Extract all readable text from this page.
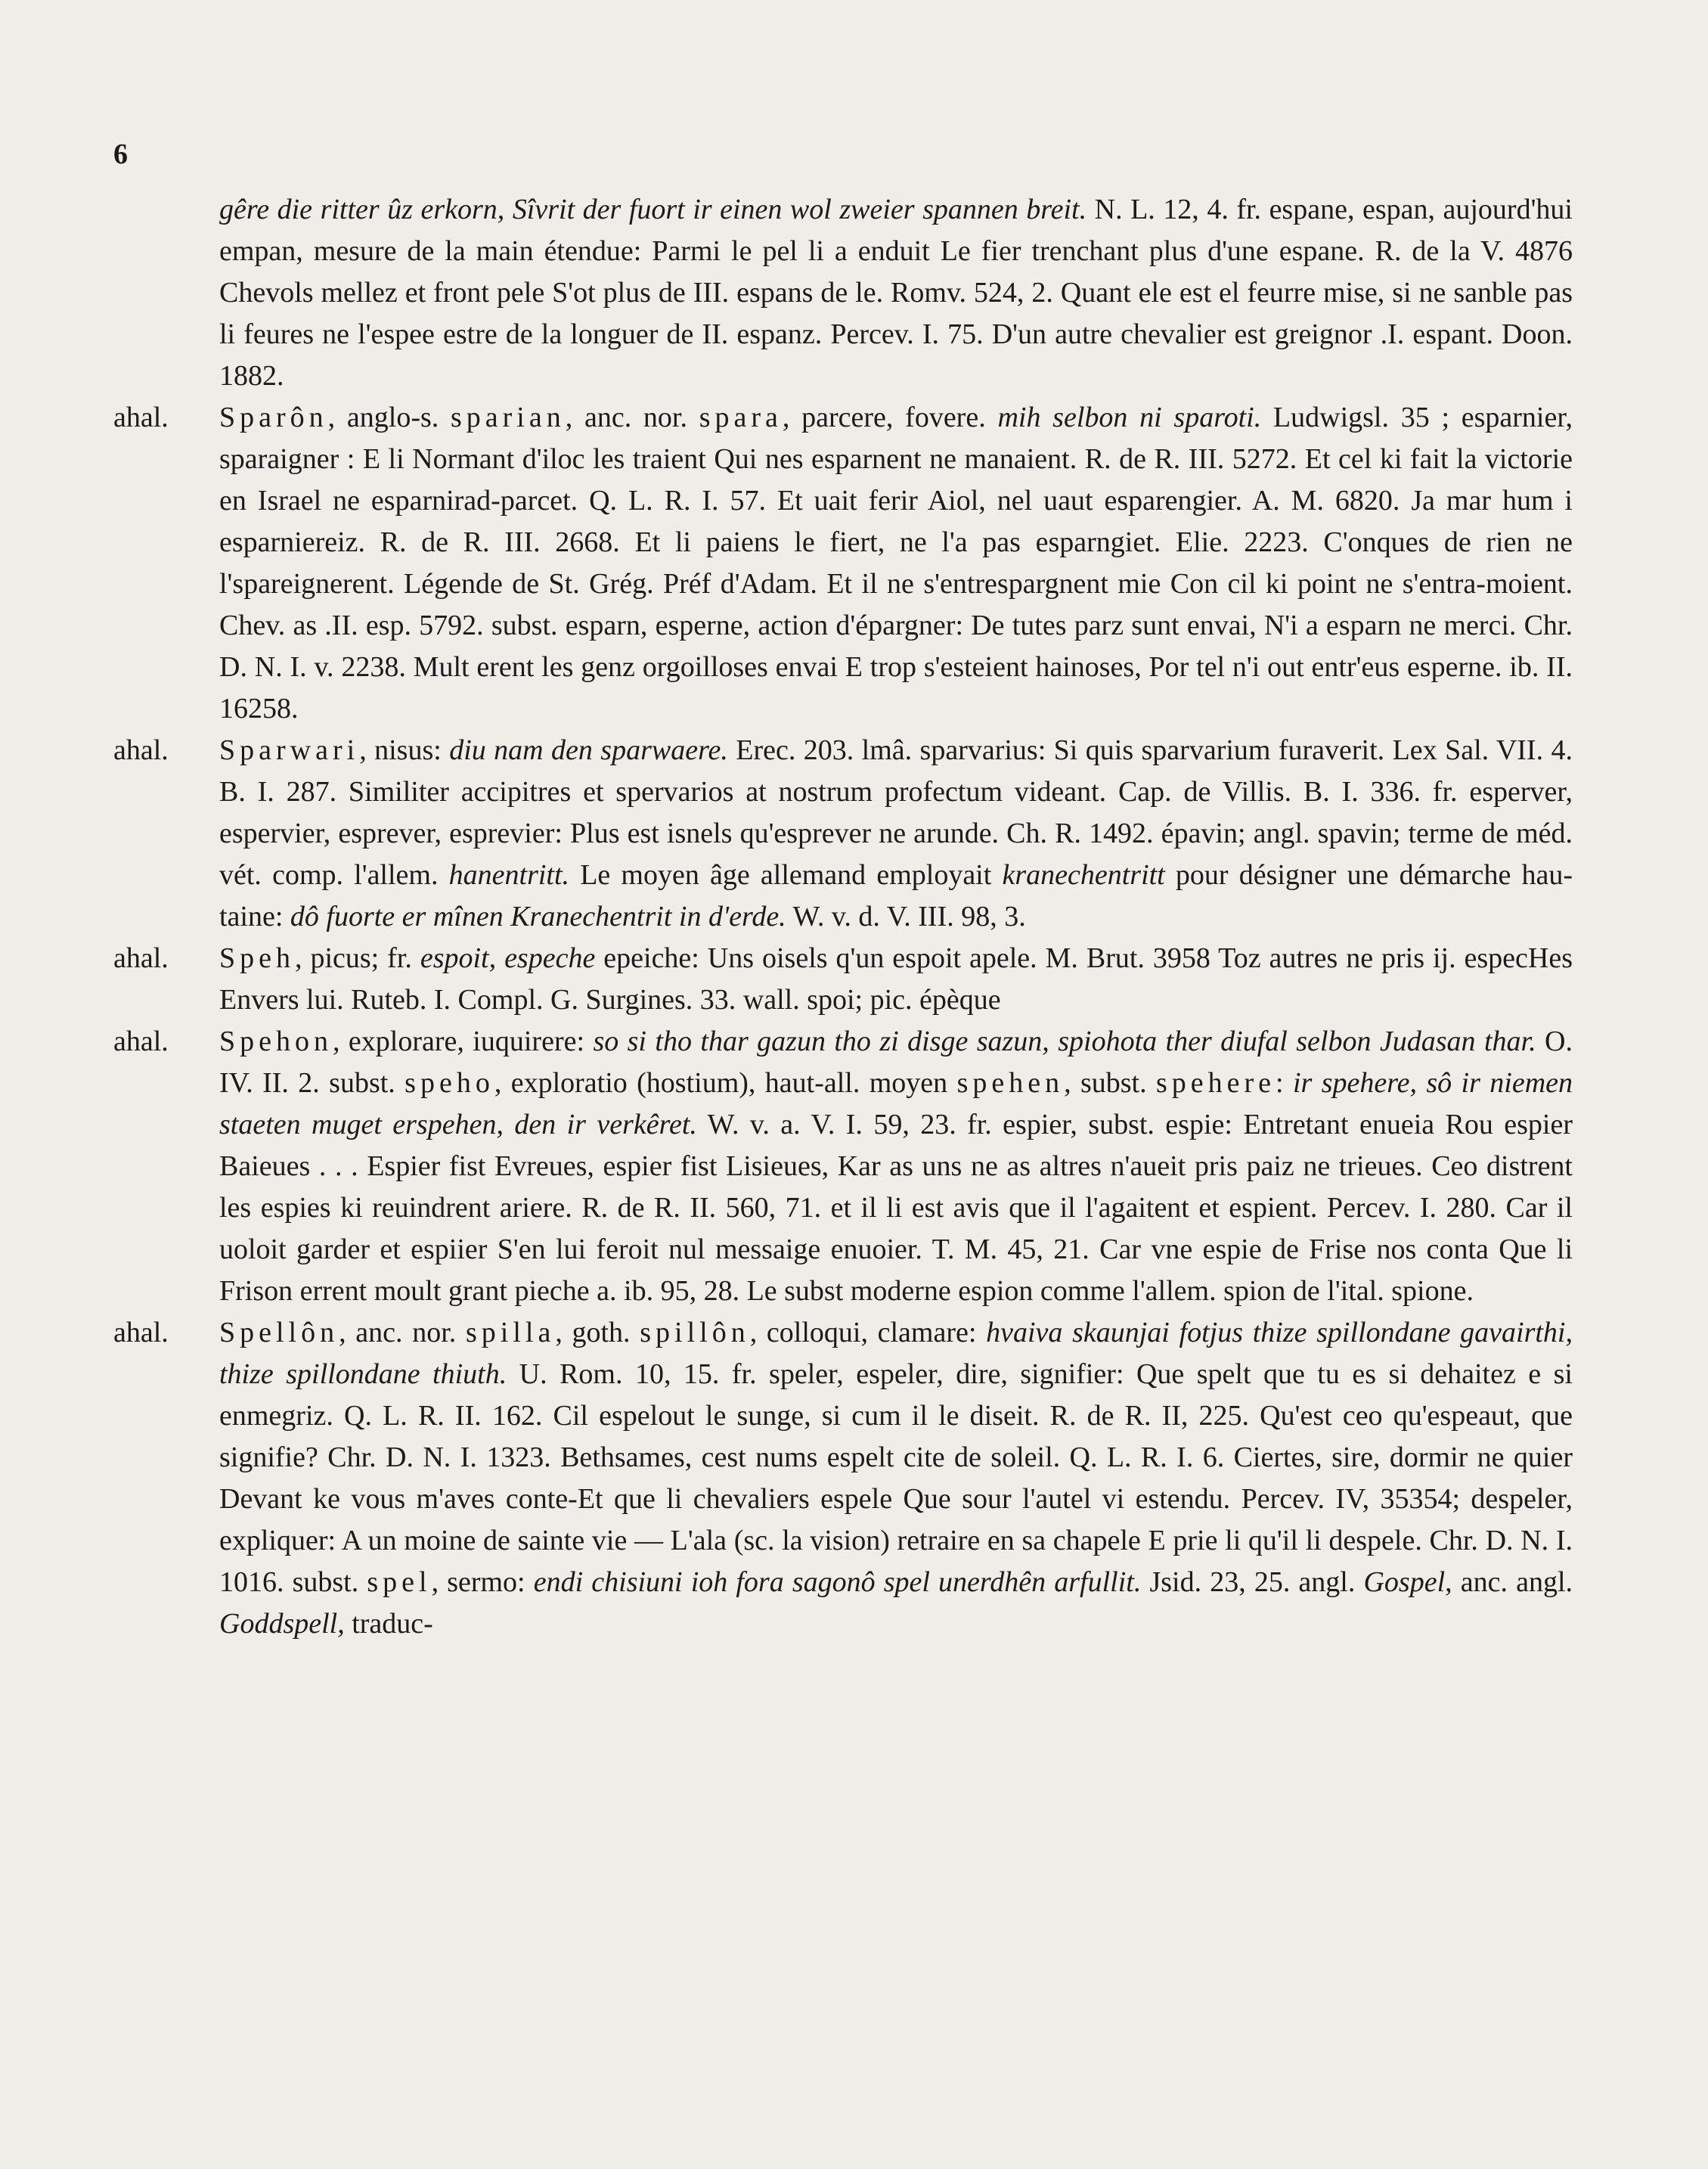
6
gêre die ritter ûz erkorn, Sîvrit der fuort ir einen wol zweier spannen breit. N. L. 12, 4. fr. espane, espan, aujourd'hui empan, mesure de la main étendue: Parmi le pel li a enduit Le fier trenchant plus d'une espane. R. de la V. 4876 Chevols mellez et front pele S'ot plus de III. espans de le. Romv. 524, 2. Quant ele est el feurre mise, si ne sanble pas li feures ne l'espee estre de la longuer de II. espanz. Percev. I. 75. D'un autre chevalier est greignor .I. espant. Doon. 1882.
ahal. Sparôn, anglo-s. sparian, anc. nor. spara, parcere, fovere. mih selbon ni sparoti. Ludwigsl. 35 ; esparnier, sparaigner : E li Normant d'iloc les traient Qui nes esparnent ne manaient. R. de R. III. 5272. Et cel ki fait la victorie en Israel ne esparnirad-parcet. Q. L. R. I. 57. Et uait ferir Aiol, nel uaut esparengier. A. M. 6820. Ja mar hum i esparniereiz. R. de R. III. 2668. Et li paiens le fiert, ne l'a pas esparngiet. Elie. 2223. C'onques de rien ne l'spareignerent. Légende de St. Grég. Préf d'Adam. Et il ne s'entrespargnent mie Con cil ki point ne s'entra-moient. Chev. as .II. esp. 5792. subst. esparn, esperne, action d'épargner: De tutes parz sunt envai, N'i a esparn ne merci. Chr. D. N. I. v. 2238. Mult erent les genz orgoilloses envai E trop s'esteient hainoses, Por tel n'i out entr'eus esperne. ib. II. 16258.
ahal. Sparwari, nisus: diu nam den sparwaere. Erec. 203. lmâ. sparvarius: Si quis sparvarium furaverit. Lex Sal. VII. 4. B. I. 287. Similiter accipitres et spervarios at nostrum profectum videant. Cap. de Villis. B. I. 336. fr. esperver, espervier, esprever, esprevier: Plus est isnels qu'esprever ne arunde. Ch. R. 1492. épavin; angl. spavin; terme de méd. vét. comp. l'allem. hanentritt. Le moyen âge allemand employait kranechentritt pour désigner une démarche hau-taine: dô fuorte er mînen Kranechentrit in d'erde. W. v. d. V. III. 98, 3.
ahal. Speh, picus; fr. espoit, espeche epeiche: Uns oisels q'un espoit apele. M. Brut. 3958 Toz autres ne pris ij. especHes Envers lui. Ruteb. I. Compl. G. Surgines. 33. wall. spoi; pic. épèque
ahal. Spehon, explorare, iuquirere: so si tho thar gazun tho zi disge sazun, spiohota ther diufal selbon Judasan thar. O. IV. II. 2. subst. speho, exploratio (hostium), haut-all. moyen spehen, subst. spehere: ir spehere, sô ir niemen staeten muget erspehen, den ir verkêret. W. v. a. V. I. 59, 23. fr. espier, subst. espie: Entretant enueia Rou espier Baieues . . . Espier fist Evreues, espier fist Lisieues, Kar as uns ne as altres n'aueit pris paiz ne trieues. Ceo distrent les espies ki reuindrent ariere. R. de R. II. 560, 71. et il li est avis que il l'agaitent et espient. Percev. I. 280. Car il uoloit garder et espiier S'en lui feroit nul messaige enuoier. T. M. 45, 21. Car vne espie de Frise nos conta Que li Frison errent moult grant pieche a. ib. 95, 28. Le subst moderne espion comme l'allem. spion de l'ital. spione.
ahal. Spellôn, anc. nor. spilla, goth. spillôn, colloqui, clamare: hvaiva skaunjai fotjus thize spillondane gavairthi, thize spillondane thiuth. U. Rom. 10, 15. fr. speler, espeler, dire, signifier: Que spelt que tu es si dehaitez e si enmegriz. Q. L. R. II. 162. Cil espelout le sunge, si cum il le diseit. R. de R. II, 225. Qu'est ceo qu'espeaut, que signifie? Chr. D. N. I. 1323. Bethsames, cest nums espelt cite de soleil. Q. L. R. I. 6. Ciertes, sire, dormir ne quier Devant ke vous m'aves conte-Et que li chevaliers espele Que sour l'autel vi estendu. Percev. IV, 35354; despeler, expliquer: A un moine de sainte vie — L'ala (sc. la vision) retraire en sa chapele E prie li qu'il li despele. Chr. D. N. I. 1016. subst. spel, sermo: endi chisiuni ioh fora sagonô spel unerdhên arfullit. Jsid. 23, 25. angl. Gospel, anc. angl. Goddspell, traduc-
